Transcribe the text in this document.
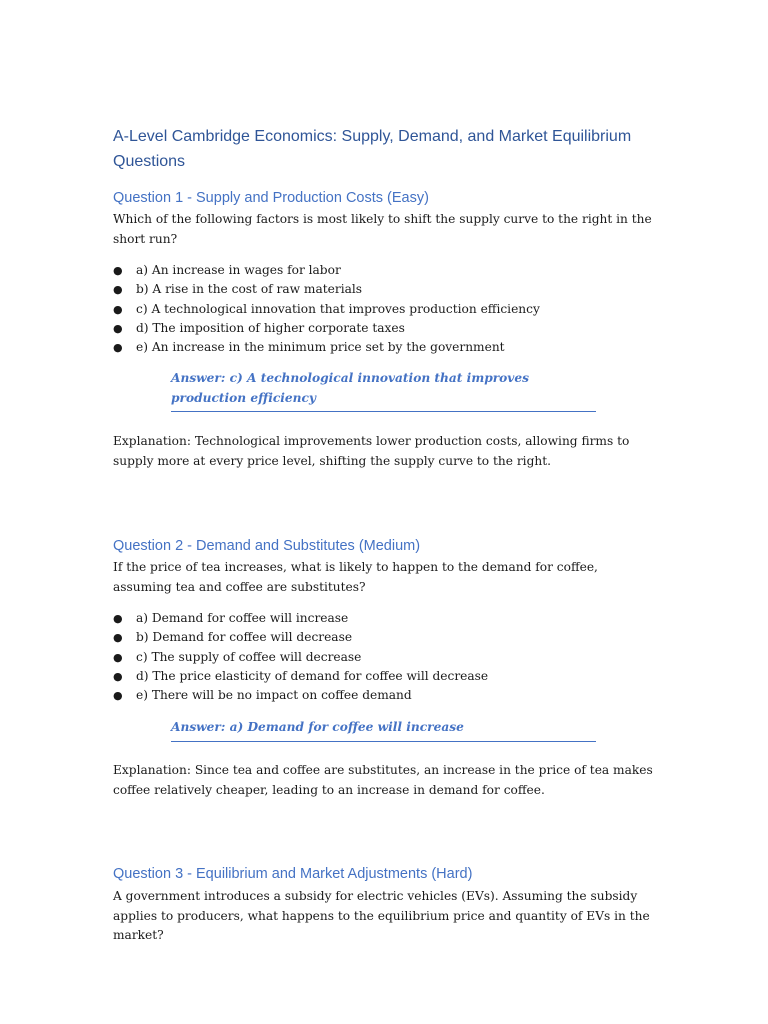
A-Level Cambridge Economics: Supply, Demand, and Market Equilibrium Questions
Question 1 - Supply and Production Costs (Easy)

Which of the following factors is most likely to shift the supply curve to the right in the short run?

● a) An increase in wages for labor
● b) A rise in the cost of raw materials
● c) A technological innovation that improves production efficiency
● d) The imposition of higher corporate taxes
● e) An increase in the minimum price set by the government
Answer: c) A technological innovation that improves production efficiency

Explanation: Technological improvements lower production costs, allowing firms to supply more at every price level, shifting the supply curve to the right.

Question 2 - Demand and Substitutes (Medium)

If the price of tea increases, what is likely to happen to the demand for coffee, assuming tea and coffee are substitutes?

● a) Demand for coffee will increase
● b) Demand for coffee will decrease
● c) The supply of coffee will decrease
● d) The price elasticity of demand for coffee will decrease
● e) There will be no impact on coffee demand
Answer: a) Demand for coffee will increase

Explanation: Since tea and coffee are substitutes, an increase in the price of tea makes coffee relatively cheaper, leading to an increase in demand for coffee.

Question 3 - Equilibrium and Market Adjustments (Hard)

A government introduces a subsidy for electric vehicles (EVs). Assuming the subsidy applies to producers, what happens to the equilibrium price and quantity of EVs in the market?
